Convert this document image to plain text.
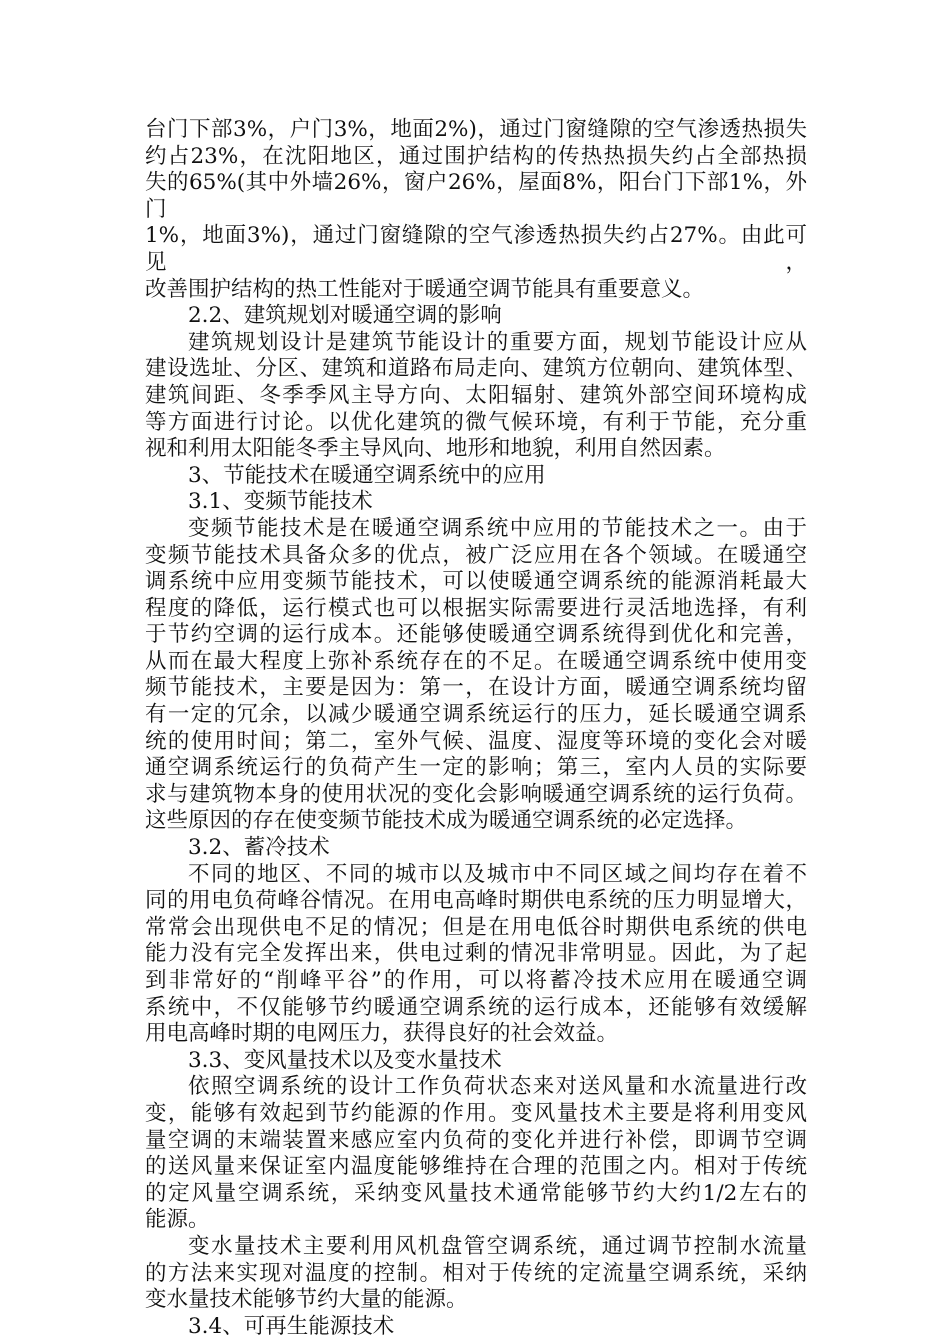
台门下部3%，户门3%，地面2%)，通过门窗缝隙的空气渗透热损失
约占23%，在沈阳地区，通过围护结构的传热热损失约占全部热损
失的65%(其中外墙26%，窗户26%，屋面8%，阳台门下部1%，外门
1%，地面3%)，通过门窗缝隙的空气渗透热损失约占27%。由此可见，
改善围护结构的热工性能对于暖通空调节能具有重要意义。
2.2、建筑规划对暖通空调的影响
建筑规划设计是建筑节能设计的重要方面，规划节能设计应从
建设选址、分区、建筑和道路布局走向、建筑方位朝向、建筑体型、
建筑间距、冬季季风主导方向、太阳辐射、建筑外部空间环境构成
等方面进行讨论。以优化建筑的微气候环境，有利于节能，充分重
视和利用太阳能冬季主导风向、地形和地貌，利用自然因素。
3、节能技术在暖通空调系统中的应用
3.1、变频节能技术
变频节能技术是在暖通空调系统中应用的节能技术之一。由于
变频节能技术具备众多的优点，被广泛应用在各个领域。在暖通空
调系统中应用变频节能技术，可以使暖通空调系统的能源消耗最大
程度的降低，运行模式也可以根据实际需要进行灵活地选择，有利
于节约空调的运行成本。还能够使暖通空调系统得到优化和完善，
从而在最大程度上弥补系统存在的不足。在暖通空调系统中使用变
频节能技术，主要是因为：第一，在设计方面，暖通空调系统均留
有一定的冗余，以减少暖通空调系统运行的压力，延长暖通空调系
统的使用时间；第二，室外气候、温度、湿度等环境的变化会对暖
通空调系统运行的负荷产生一定的影响；第三，室内人员的实际要
求与建筑物本身的使用状况的变化会影响暖通空调系统的运行负荷。
这些原因的存在使变频节能技术成为暖通空调系统的必定选择。
3.2、蓄冷技术
不同的地区、不同的城市以及城市中不同区域之间均存在着不
同的用电负荷峰谷情况。在用电高峰时期供电系统的压力明显增大，
常常会出现供电不足的情况；但是在用电低谷时期供电系统的供电
能力没有完全发挥出来，供电过剩的情况非常明显。因此，为了起
到非常好的“削峰平谷”的作用，可以将蓄冷技术应用在暖通空调
系统中，不仅能够节约暖通空调系统的运行成本，还能够有效缓解
用电高峰时期的电网压力，获得良好的社会效益。
3.3、变风量技术以及变水量技术
依照空调系统的设计工作负荷状态来对送风量和水流量进行改
变，能够有效起到节约能源的作用。变风量技术主要是将利用变风
量空调的末端装置来感应室内负荷的变化并进行补偿，即调节空调
的送风量来保证室内温度能够维持在合理的范围之内。相对于传统
的定风量空调系统，采纳变风量技术通常能够节约大约1/2左右的
能源。
变水量技术主要利用风机盘管空调系统，通过调节控制水流量
的方法来实现对温度的控制。相对于传统的定流量空调系统，采纳
变水量技术能够节约大量的能源。
3.4、可再生能源技术
